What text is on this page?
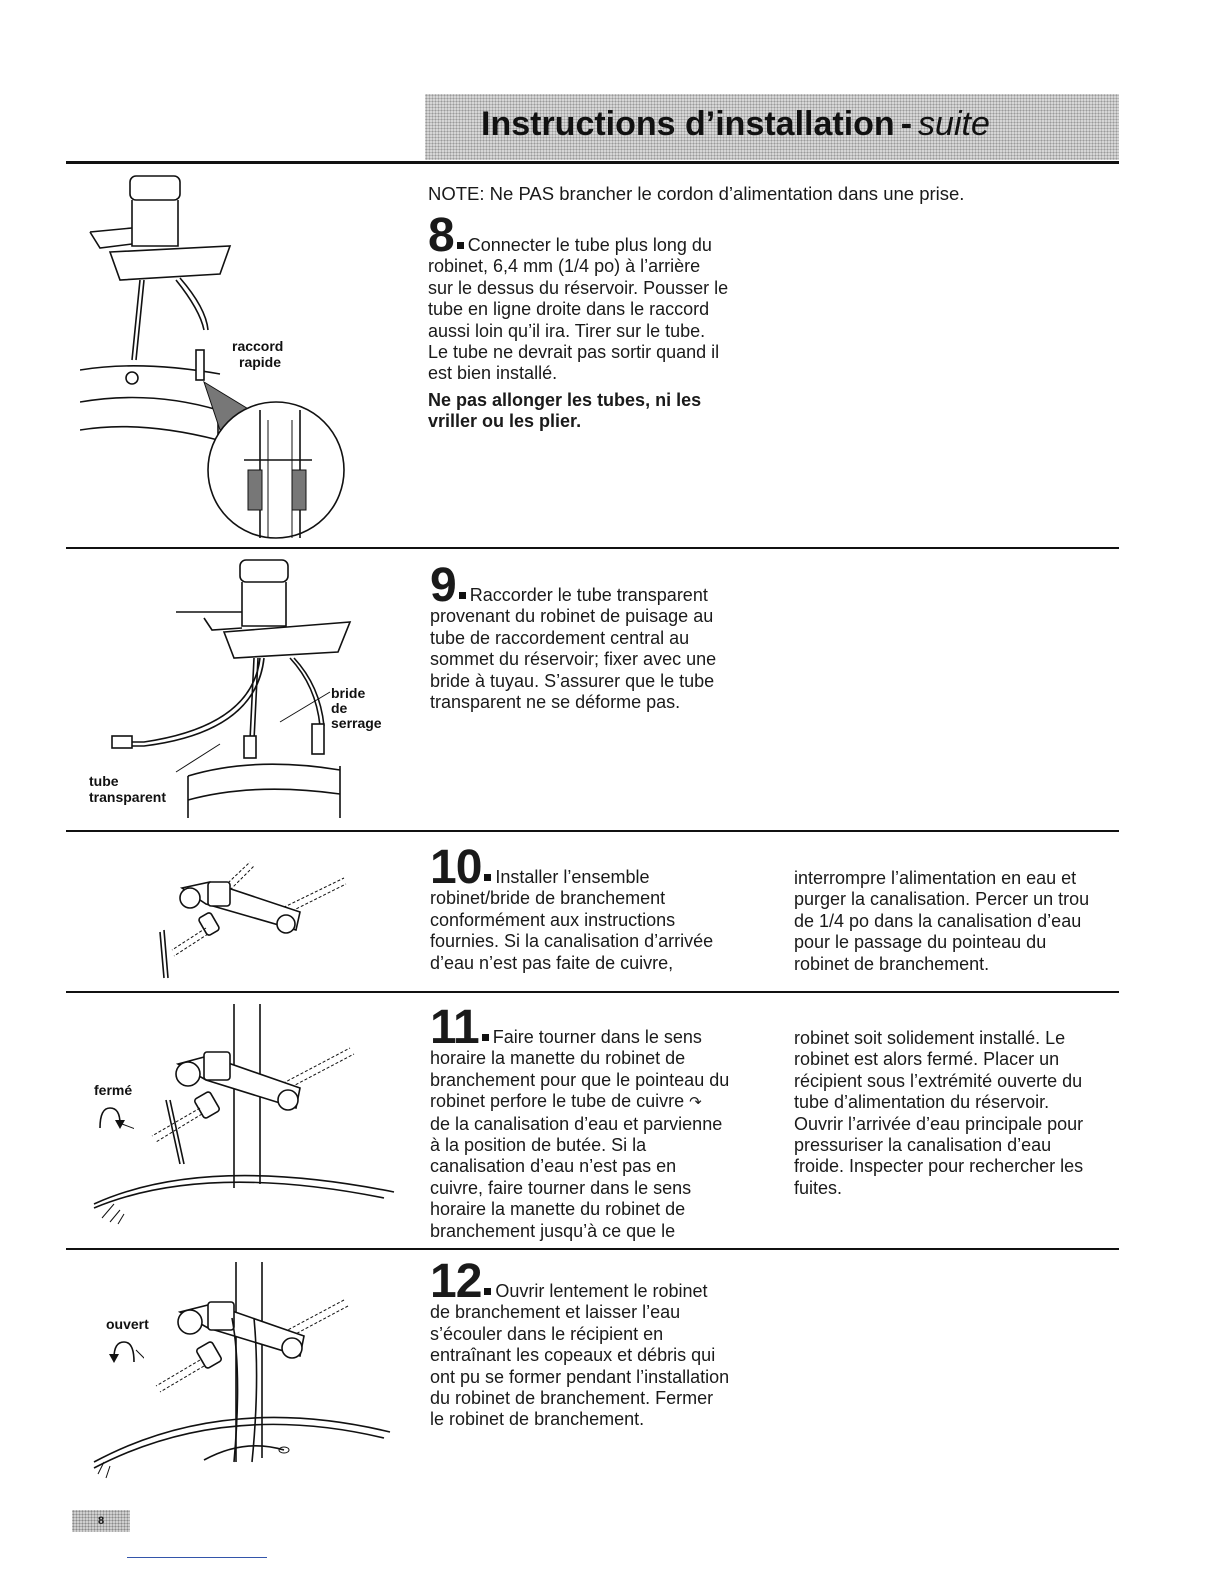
Instructions d’installation - suite
NOTE: Ne PAS brancher le cordon d’alimentation dans une prise.
raccord
rapide
8 Connecter le tube plus long du
robinet, 6,4 mm (1/4 po) à l’arrière
sur le dessus du réservoir. Pousser le
tube en ligne droite dans le raccord
aussi loin qu’il ira. Tirer sur le tube.
Le tube ne devrait pas sortir quand il
est bien installé.
Ne pas allonger les tubes, ni les
vriller ou les plier.
bride
de
serrage
tube
transparent
9 Raccorder le tube transparent
provenant du robinet de puisage au
tube de raccordement central au
sommet du réservoir; fixer avec une
bride à tuyau. S’assurer que le tube
transparent ne se déforme pas.
10 Installer l’ensemble
robinet/bride de branchement
conformément aux instructions
fournies. Si la canalisation d’arrivée
d’eau n’est pas faite de cuivre,
interrompre l’alimentation en eau et
purger la canalisation. Percer un trou
de 1/4 po dans la canalisation d’eau
pour le passage du pointeau du
robinet de branchement.
fermé
11 Faire tourner dans le sens
horaire la manette du robinet de
branchement pour que le pointeau du
robinet perfore le tube de cuivre ↷
de la canalisation d’eau et parvienne
à la position de butée. Si la
canalisation d’eau n’est pas en
cuivre, faire tourner dans le sens
horaire la manette du robinet de
branchement jusqu’à ce que le
robinet soit solidement installé. Le
robinet est alors fermé. Placer un
récipient sous l’extrémité ouverte du
tube d’alimentation du réservoir.
Ouvrir l’arrivée d’eau principale pour
pressuriser la canalisation d’eau
froide. Inspecter pour rechercher les
fuites.
ouvert
12 Ouvrir lentement le robinet
de branchement et laisser l’eau
s’écouler dans le récipient en
entraînant les copeaux et débris qui
ont pu se former pendant l’installation
du robinet de branchement. Fermer
le robinet de branchement.
8
